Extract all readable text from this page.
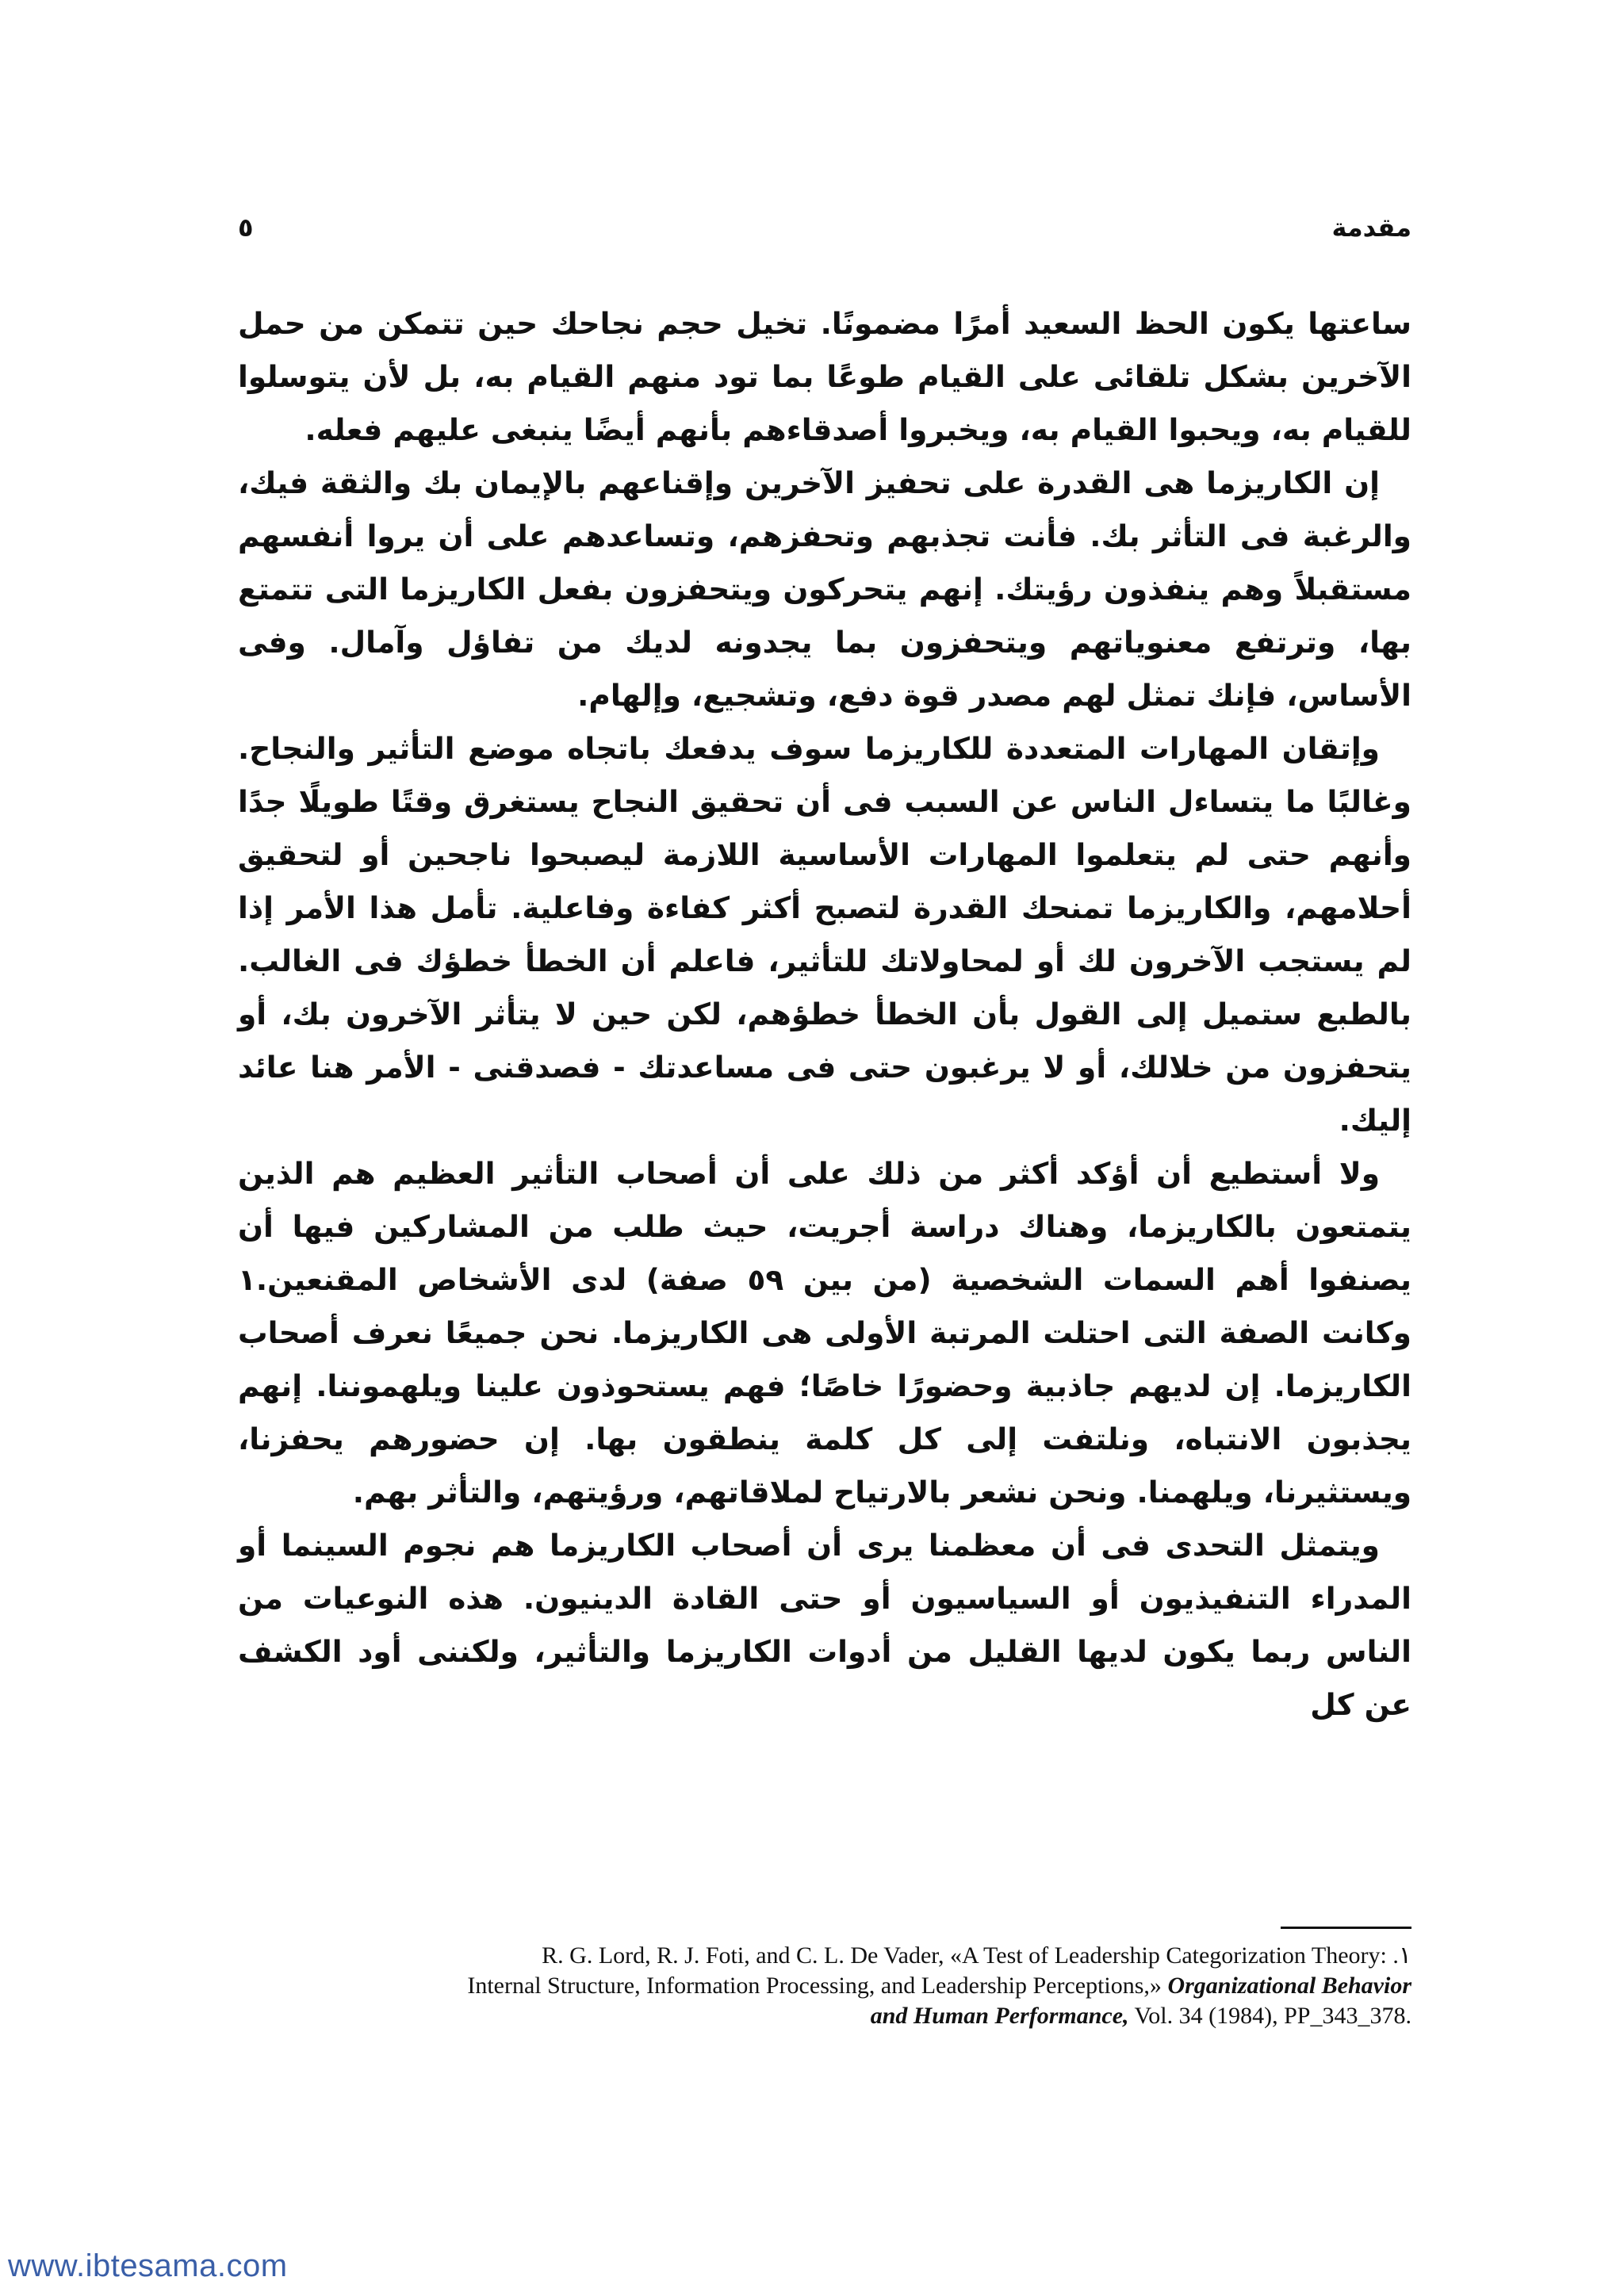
مقدمة
٥

ساعتها يكون الحظ السعيد أمرًا مضمونًا. تخيل حجم نجاحك حين تتمكن من حمل الآخرين بشكل تلقائى على القيام طوعًا بما تود منهم القيام به، بل لأن يتوسلوا للقيام به، ويحبوا القيام به، ويخبروا أصدقاءهم بأنهم أيضًا ينبغى عليهم فعله.

إن الكاريزما هى القدرة على تحفيز الآخرين وإقناعهم بالإيمان بك والثقة فيك، والرغبة فى التأثر بك. فأنت تجذبهم وتحفزهم، وتساعدهم على أن يروا أنفسهم مستقبلاً وهم ينفذون رؤيتك. إنهم يتحركون ويتحفزون بفعل الكاريزما التى تتمتع بها، وترتفع معنوياتهم ويتحفزون بما يجدونه لديك من تفاؤل وآمال. وفى الأساس، فإنك تمثل لهم مصدر قوة دفع، وتشجيع، وإلهام.

وإتقان المهارات المتعددة للكاريزما سوف يدفعك باتجاه موضع التأثير والنجاح. وغالبًا ما يتساءل الناس عن السبب فى أن تحقيق النجاح يستغرق وقتًا طويلًا جدًا وأنهم حتى لم يتعلموا المهارات الأساسية اللازمة ليصبحوا ناجحين أو لتحقيق أحلامهم، والكاريزما تمنحك القدرة لتصبح أكثر كفاءة وفاعلية. تأمل هذا الأمر إذا لم يستجب الآخرون لك أو لمحاولاتك للتأثير، فاعلم أن الخطأ خطؤك فى الغالب. بالطبع ستميل إلى القول بأن الخطأ خطؤهم، لكن حين لا يتأثر الآخرون بك، أو يتحفزون من خلالك، أو لا يرغبون حتى فى مساعدتك - فصدقنى - الأمر هنا عائد إليك.

ولا أستطيع أن أؤكد أكثر من ذلك على أن أصحاب التأثير العظيم هم الذين يتمتعون بالكاريزما، وهناك دراسة أجريت، حيث طلب من المشاركين فيها أن يصنفوا أهم السمات الشخصية (من بين ٥٩ صفة) لدى الأشخاص المقنعين.١ وكانت الصفة التى احتلت المرتبة الأولى هى الكاريزما. نحن جميعًا نعرف أصحاب الكاريزما. إن لديهم جاذبية وحضورًا خاصًا؛ فهم يستحوذون علينا ويلهموننا. إنهم يجذبون الانتباه، ونلتفت إلى كل كلمة ينطقون بها. إن حضورهم يحفزنا، ويستثيرنا، ويلهمنا. ونحن نشعر بالارتياح لملاقاتهم، ورؤيتهم، والتأثر بهم.

ويتمثل التحدى فى أن معظمنا يرى أن أصحاب الكاريزما هم نجوم السينما أو المدراء التنفيذيون أو السياسيون أو حتى القادة الدينيون. هذه النوعيات من الناس ربما يكون لديها القليل من أدوات الكاريزما والتأثير، ولكننى أود الكشف عن كل

R. G. Lord, R. J. Foti, and C. L. De Vader, «A Test of Leadership Categorization Theory: .١
Internal Structure, Information Processing, and Leadership Perceptions,» Organizational Behavior
and Human Performance, Vol. 34 (1984), PP_343_378.
www.ibtesama.com
